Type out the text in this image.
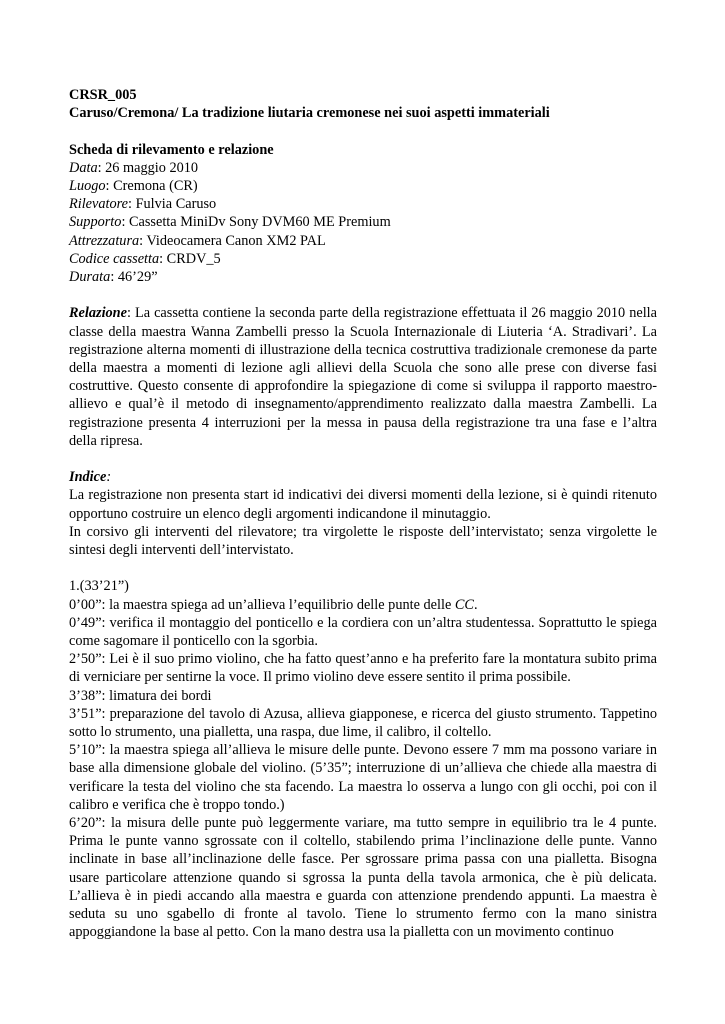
CRSR_005

Caruso/Cremona/ La tradizione liutaria cremonese nei suoi aspetti immateriali

Scheda di rilevamento e relazione

Data: 26 maggio 2010

Luogo: Cremona (CR)

Rilevatore: Fulvia Caruso

Supporto: Cassetta MiniDv Sony DVM60 ME Premium

Attrezzatura: Videocamera Canon XM2 PAL

Codice cassetta: CRDV_5

Durata: 46’29”

Relazione: La cassetta contiene la seconda parte della registrazione effettuata il 26 maggio 2010 nella classe della maestra Wanna Zambelli presso la Scuola Internazionale di Liuteria ‘A. Stradivari’. La registrazione alterna momenti di illustrazione della tecnica costruttiva tradizionale cremonese da parte della maestra a momenti di lezione agli allievi della Scuola che sono alle prese con diverse fasi costruttive. Questo consente di approfondire la spiegazione di come si sviluppa il rapporto maestro-allievo e qual’è il metodo di insegnamento/apprendimento realizzato dalla maestra Zambelli. La registrazione presenta 4 interruzioni per la messa in pausa della registrazione tra una fase e l’altra della ripresa.

Indice:

La registrazione non presenta start id indicativi dei diversi momenti della lezione, si è quindi ritenuto opportuno costruire un elenco degli argomenti indicandone il minutaggio.

In corsivo gli interventi del rilevatore; tra virgolette le risposte dell’intervistato; senza virgolette le sintesi degli interventi dell’intervistato.

1.(33’21”)

0’00”: la maestra spiega ad un’allieva l’equilibrio delle punte delle CC.

0’49”: verifica il montaggio del ponticello e la cordiera con un’altra studentessa. Soprattutto le spiega come sagomare il ponticello con la sgorbia.

2’50”: Lei è il suo primo violino, che ha fatto quest’anno e ha preferito fare la montatura subito prima di verniciare per sentirne la voce. Il primo violino deve essere sentito il prima possibile.

3’38”: limatura dei bordi

3’51”: preparazione del tavolo di Azusa, allieva giapponese, e ricerca del giusto strumento. Tappetino sotto lo strumento, una pialletta, una raspa, due lime, il calibro, il coltello.

5’10”: la maestra spiega all’allieva le misure delle punte. Devono essere 7 mm ma possono variare in base alla dimensione globale del violino. (5’35”; interruzione di un’allieva che chiede alla maestra di verificare la testa del violino che sta facendo. La maestra lo osserva a lungo con gli occhi, poi con il calibro e verifica che è troppo tondo.)

6’20”: la misura delle punte può leggermente variare, ma tutto sempre in equilibrio tra le 4 punte. Prima le punte vanno sgrossate con il coltello, stabilendo prima l’inclinazione delle punte. Vanno inclinate in base all’inclinazione delle fasce. Per sgrossare prima passa con una pialletta. Bisogna usare particolare attenzione quando si sgrossa la punta della tavola armonica, che è più delicata. L’allieva è in piedi accando alla maestra e guarda con attenzione prendendo appunti. La maestra è seduta su uno sgabello di fronte al tavolo. Tiene lo strumento fermo con la mano sinistra appoggiandone la base al petto. Con la mano destra usa la pialletta con un movimento continuo
